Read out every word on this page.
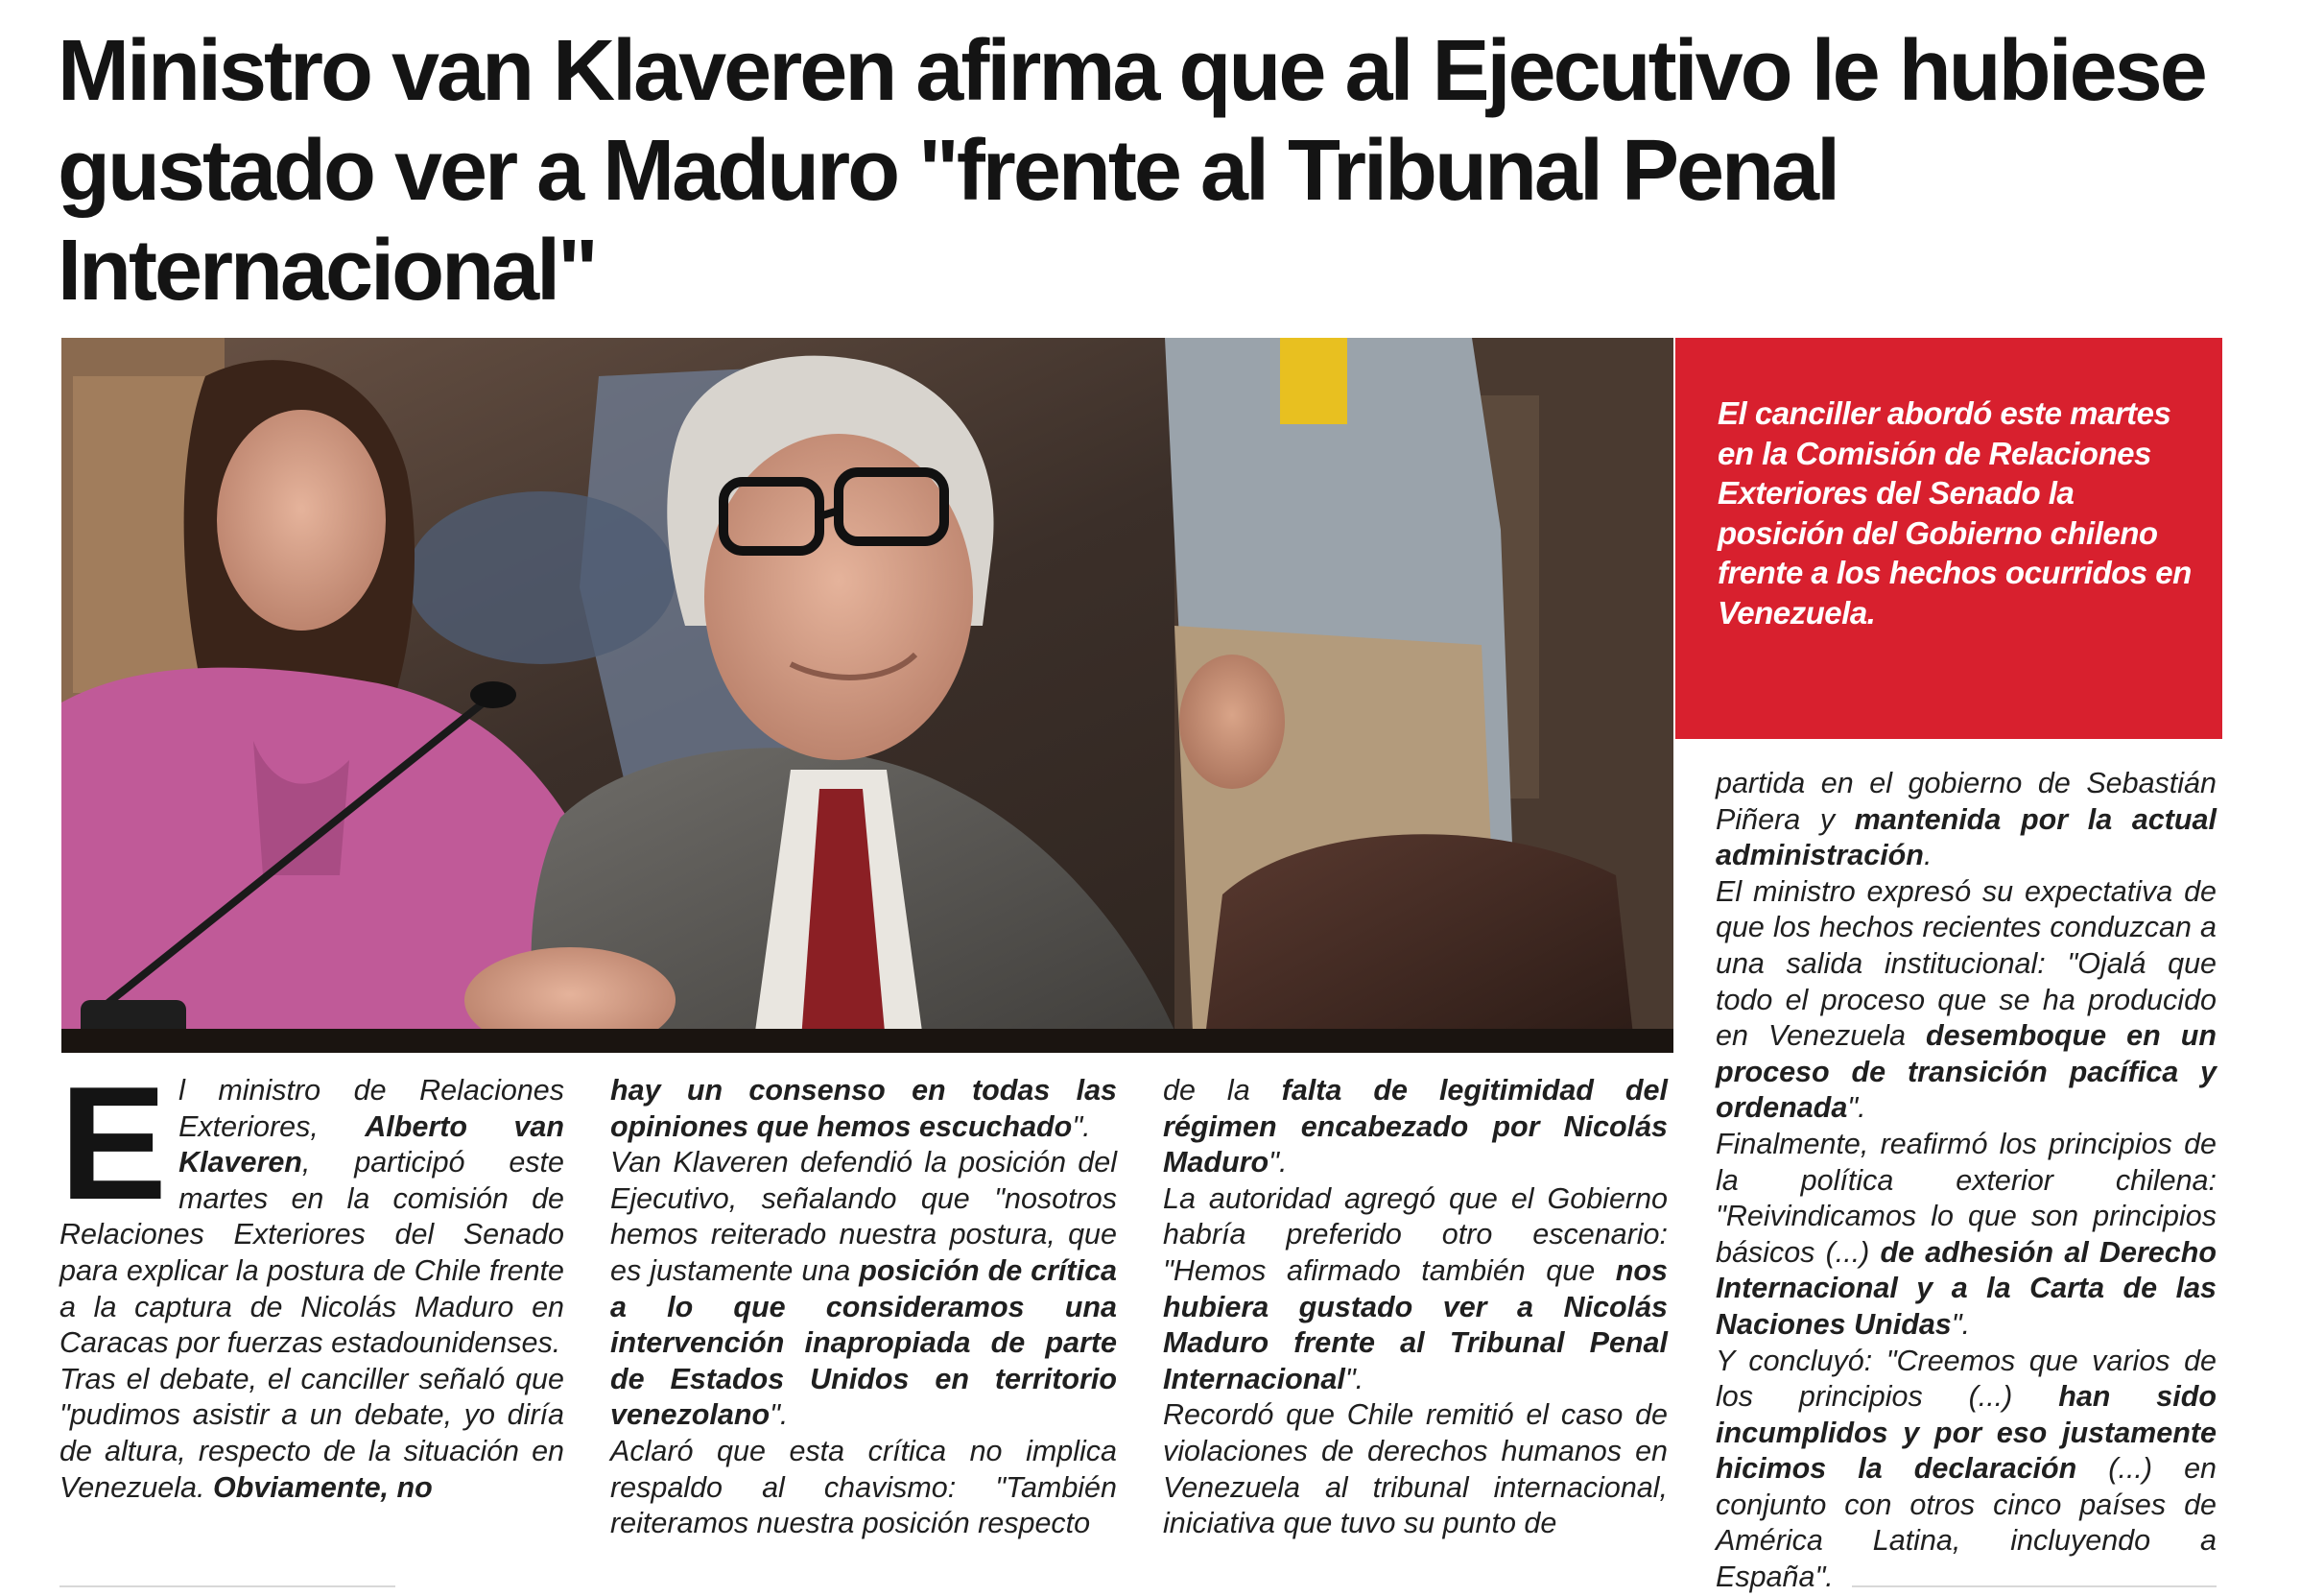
Ministro van Klaveren afirma que al Ejecutivo le hubiese gustado ver a Maduro "frente al Tribunal Penal Internacional"

El canciller abordó este martes en la Comisión de Relaciones Exteriores del Senado la posición del Gobierno chileno frente a los hechos ocurridos en Venezuela.

E l ministro de Relaciones Exteriores, Alberto van Klaveren, participó este martes en la comisión de Relaciones Exteriores del Senado para explicar la postura de Chile frente a la captura de Nicolás Maduro en Caracas por fuerzas estadounidenses.

Tras el debate, el canciller señaló que "pudimos asistir a un debate, yo diría de altura, respecto de la situación en Venezuela. Obviamente, no

hay un consenso en todas las opiniones que hemos escuchado".

Van Klaveren defendió la posición del Ejecutivo, señalando que "nosotros hemos reiterado nuestra postura, que es justamente una posición de crítica a lo que consideramos una intervención inapropiada de parte de Estados Unidos en territorio venezolano".

Aclaró que esta crítica no implica respaldo al chavismo: "También reiteramos nuestra posición respecto

de la falta de legitimidad del régimen encabezado por Nicolás Maduro".

La autoridad agregó que el Gobierno habría preferido otro escenario: "Hemos afirmado también que nos hubiera gustado ver a Nicolás Maduro frente al Tribunal Penal Internacional".

Recordó que Chile remitió el caso de violaciones de derechos humanos en Venezuela al tribunal internacional, iniciativa que tuvo su punto de

partida en el gobierno de Sebastián Piñera y mantenida por la actual administración.

El ministro expresó su expectativa de que los hechos recientes conduzcan a una salida institucional: "Ojalá que todo el proceso que se ha producido en Venezuela desemboque en un proceso de transición pacífica y ordenada".

Finalmente, reafirmó los principios de la política exterior chilena: "Reivindicamos lo que son principios básicos (...) de adhesión al Derecho Internacional y a la Carta de las Naciones Unidas".

Y concluyó: "Creemos que varios de los principios (...) han sido incumplidos y por eso justamente hicimos la declaración (...) en conjunto con otros cinco países de América Latina, incluyendo a España".
